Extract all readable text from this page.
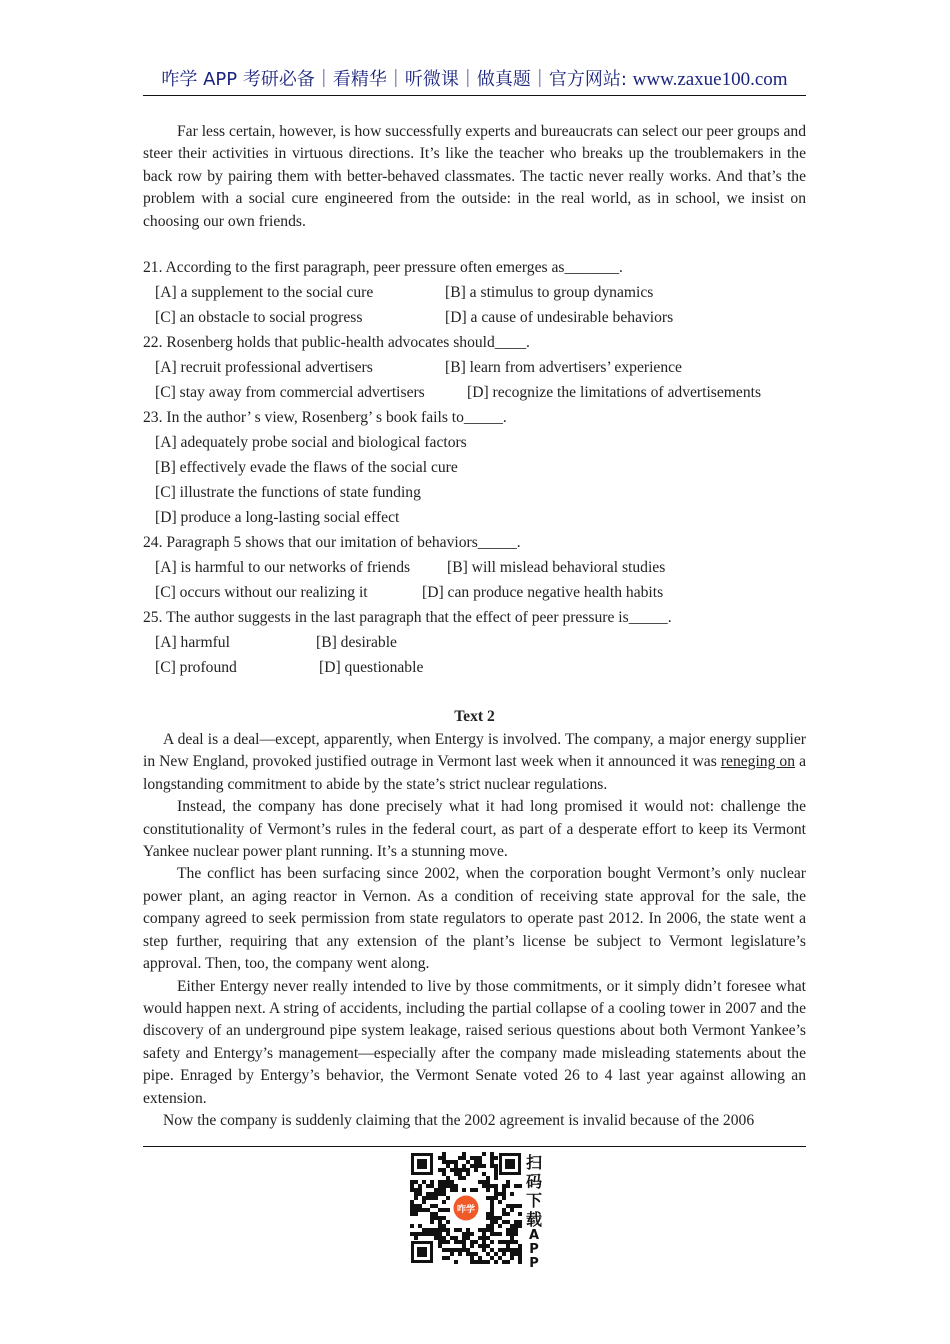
咋学 APP 考研必备｜看精华｜听微课｜做真题｜官方网站: www.zaxue100.com

Far less certain, however, is how successfully experts and bureaucrats can select our peer groups and steer their activities in virtuous directions. It’s like the teacher who breaks up the troublemakers in the back row by pairing them with better-behaved classmates. The tactic never really works. And that’s the problem with a social cure engineered from the outside: in the real world, as in school, we insist on choosing our own friends.

21. According to the first paragraph, peer pressure often emerges as_______.

[A] a supplement to the social cure	[B] a stimulus to group dynamics

[C] an obstacle to social progress	[D] a cause of undesirable behaviors

22. Rosenberg holds that public-health advocates should____.

[A] recruit professional advertisers	[B] learn from advertisers’ experience

[C] stay away from commercial advertisers	[D] recognize the limitations of advertisements

23. In the author’ s view, Rosenberg’ s book fails to_____.

[A] adequately probe social and biological factors

[B] effectively evade the flaws of the social cure

[C] illustrate the functions of state funding

[D] produce a long-lasting social effect

24. Paragraph 5 shows that our imitation of behaviors_____.

[A] is harmful to our networks of friends [B] will mislead behavioral studies

[C] occurs without our realizing it	[D] can produce negative health habits

25. The author suggests in the last paragraph that the effect of peer pressure is_____.

[A] harmful	[B] desirable

[C] profound	[D] questionable

Text 2

A deal is a deal—except, apparently, when Entergy is involved. The company, a major energy supplier in New England, provoked justified outrage in Vermont last week when it announced it was reneging on a longstanding commitment to abide by the state’s strict nuclear regulations.

Instead, the company has done precisely what it had long promised it would not: challenge the constitutionality of Vermont’s rules in the federal court, as part of a desperate effort to keep its Vermont Yankee nuclear power plant running. It’s a stunning move.

The conflict has been surfacing since 2002, when the corporation bought Vermont’s only nuclear power plant, an aging reactor in Vernon. As a condition of receiving state approval for the sale, the company agreed to seek permission from state regulators to operate past 2012. In 2006, the state went a step further, requiring that any extension of the plant’s license be subject to Vermont legislature’s approval. Then, too, the company went along.

Either Entergy never really intended to live by those commitments, or it simply didn’t foresee what would happen next. A string of accidents, including the partial collapse of a cooling tower in 2007 and the discovery of an underground pipe system leakage, raised serious questions about both Vermont Yankee’s safety and Entergy’s management—especially after the company made misleading statements about the pipe. Enraged by Entergy’s behavior, the Vermont Senate voted 26 to 4 last year against allowing an extension.

Now the company is suddenly claiming that the 2002 agreement is invalid because of the 2006

咋学
扫
码
下
载
A
P
P
